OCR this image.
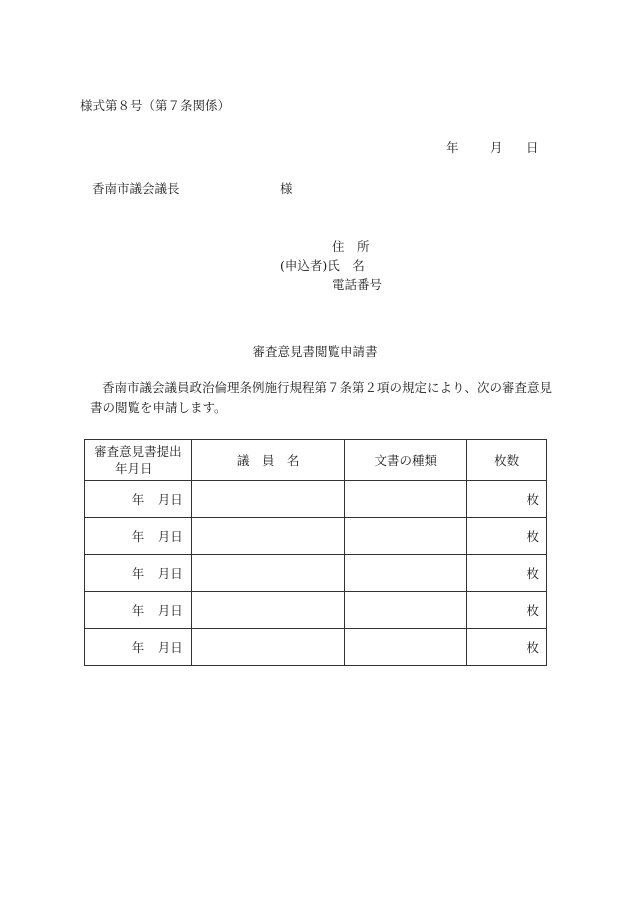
様式第８号（第７条関係）
年	月 日
香南市議会議長	様
住　所
(申込者)氏　名
電話番号
審査意見書閲覧申請書
香南市議会議員政治倫理条例施行規程第７条第２項の規定により、次の審査意見書の閲覧を申請します。
審査意見書提出
年月日	議　員　名	文書の種類	枚数
年 月日			枚
年 月日			枚
年 月日			枚
年 月日			枚
年 月日			枚
